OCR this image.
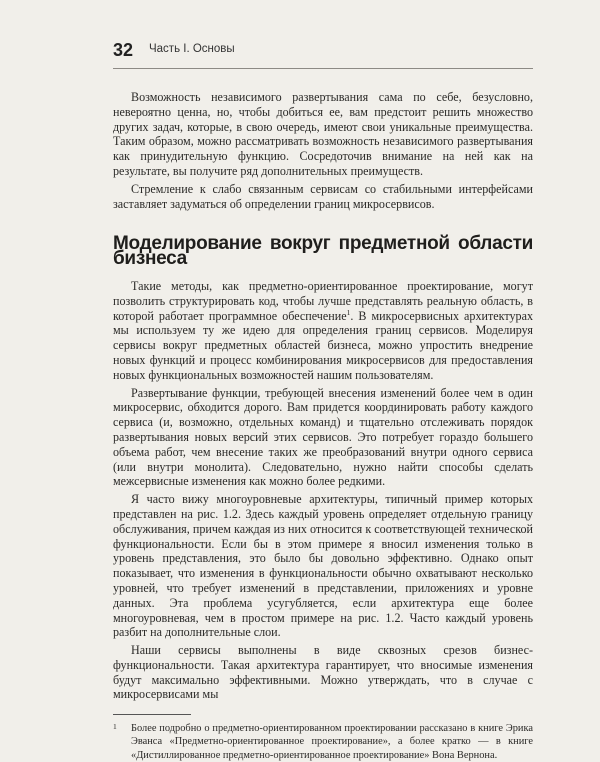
32 Часть I. Основы

Возможность независимого развертывания сама по себе, безусловно, невероятно ценна, но, чтобы добиться ее, вам предстоит решить множество других задач, которые, в свою очередь, имеют свои уникальные преимущества. Таким образом, можно рассматривать возможность независимого развертывания как принудительную функцию. Сосредоточив внимание на ней как на результате, вы получите ряд дополнительных преимуществ.

Стремление к слабо связанным сервисам со стабильными интерфейсами заставляет задуматься об определении границ микросервисов.

Моделирование вокруг предметной области бизнеса

Такие методы, как предметно-ориентированное проектирование, могут позволить структурировать код, чтобы лучше представлять реальную область, в которой работает программное обеспечение$^1$. В микросервисных архитектурах мы используем ту же идею для определения границ сервисов. Моделируя сервисы вокруг предметных областей бизнеса, можно упростить внедрение новых функций и процесс комбинирования микросервисов для предоставления новых функциональных возможностей нашим пользователям.

Развертывание функции, требующей внесения изменений более чем в один микросервис, обходится дорого. Вам придется координировать работу каждого сервиса (и, возможно, отдельных команд) и тщательно отслеживать порядок развертывания новых версий этих сервисов. Это потребует гораздо большего объема работ, чем внесение таких же преобразований внутри одного сервиса (или внутри монолита). Следовательно, нужно найти способы сделать межсервисные изменения как можно более редкими.

Я часто вижу многоуровневые архитектуры, типичный пример которых представлен на рис. 1.2. Здесь каждый уровень определяет отдельную границу обслуживания, причем каждая из них относится к соответствующей технической функциональности. Если бы в этом примере я вносил изменения только в уровень представления, это было бы довольно эффективно. Однако опыт показывает, что изменения в функциональности обычно охватывают несколько уровней, что требует изменений в представлении, приложениях и уровне данных. Эта проблема усугубляется, если архитектура еще более многоуровневая, чем в простом примере на рис. 1.2. Часто каждый уровень разбит на дополнительные слои.

Наши сервисы выполнены в виде сквозных срезов бизнес-функциональности. Такая архитектура гарантирует, что вносимые изменения будут максимально эффективными. Можно утверждать, что в случае с микросервисами мы

1 Более подробно о предметно-ориентированном проектировании рассказано в книге Эрика Эванса «Предметно-ориентированное проектирование», а более кратко — в книге «Дистиллированное предметно-ориентированное проектирование» Вона Вернона.
